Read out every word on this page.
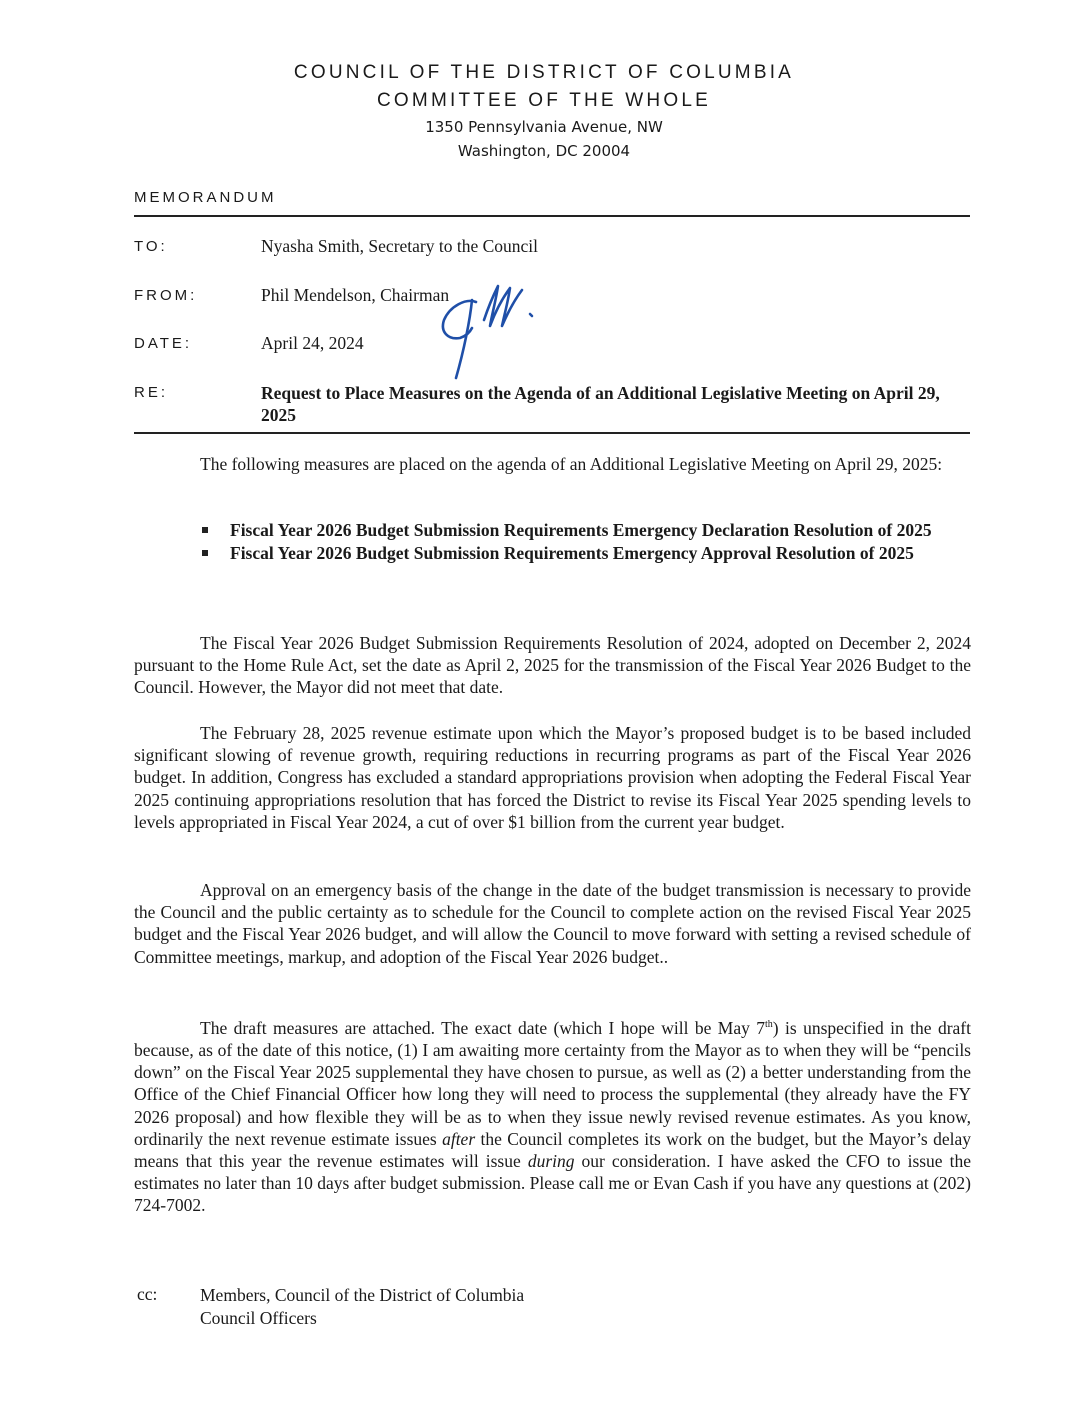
COUNCIL OF THE DISTRICT OF COLUMBIA
COMMITTEE OF THE WHOLE
1350 Pennsylvania Avenue, NW
Washington, DC 20004
MEMORANDUM
TO:	Nyasha Smith, Secretary to the Council
FROM:	Phil Mendelson, Chairman
DATE:	April 24, 2024
RE:	Request to Place Measures on the Agenda of an Additional Legislative Meeting on April 29, 2025

The following measures are placed on the agenda of an Additional Legislative Meeting on April 29, 2025:

Fiscal Year 2026 Budget Submission Requirements Emergency Declaration Resolution of 2025
Fiscal Year 2026 Budget Submission Requirements Emergency Approval Resolution of 2025

The Fiscal Year 2026 Budget Submission Requirements Resolution of 2024, adopted on December 2, 2024 pursuant to the Home Rule Act, set the date as April 2, 2025 for the transmission of the Fiscal Year 2026 Budget to the Council. However, the Mayor did not meet that date.

The February 28, 2025 revenue estimate upon which the Mayor’s proposed budget is to be based included significant slowing of revenue growth, requiring reductions in recurring programs as part of the Fiscal Year 2026 budget. In addition, Congress has excluded a standard appropriations provision when adopting the Federal Fiscal Year 2025 continuing appropriations resolution that has forced the District to revise its Fiscal Year 2025 spending levels to levels appropriated in Fiscal Year 2024, a cut of over $1 billion from the current year budget.

Approval on an emergency basis of the change in the date of the budget transmission is necessary to provide the Council and the public certainty as to schedule for the Council to complete action on the revised Fiscal Year 2025 budget and the Fiscal Year 2026 budget, and will allow the Council to move forward with setting a revised schedule of Committee meetings, markup, and adoption of the Fiscal Year 2026 budget..

The draft measures are attached. The exact date (which I hope will be May 7th) is unspecified in the draft because, as of the date of this notice, (1) I am awaiting more certainty from the Mayor as to when they will be “pencils down” on the Fiscal Year 2025 supplemental they have chosen to pursue, as well as (2) a better understanding from the Office of the Chief Financial Officer how long they will need to process the supplemental (they already have the FY 2026 proposal) and how flexible they will be as to when they issue newly revised revenue estimates. As you know, ordinarily the next revenue estimate issues after the Council completes its work on the budget, but the Mayor’s delay means that this year the revenue estimates will issue during our consideration. I have asked the CFO to issue the estimates no later than 10 days after budget submission. Please call me or Evan Cash if you have any questions at (202) 724-7002.

cc: Members, Council of the District of Columbia
Council Officers
